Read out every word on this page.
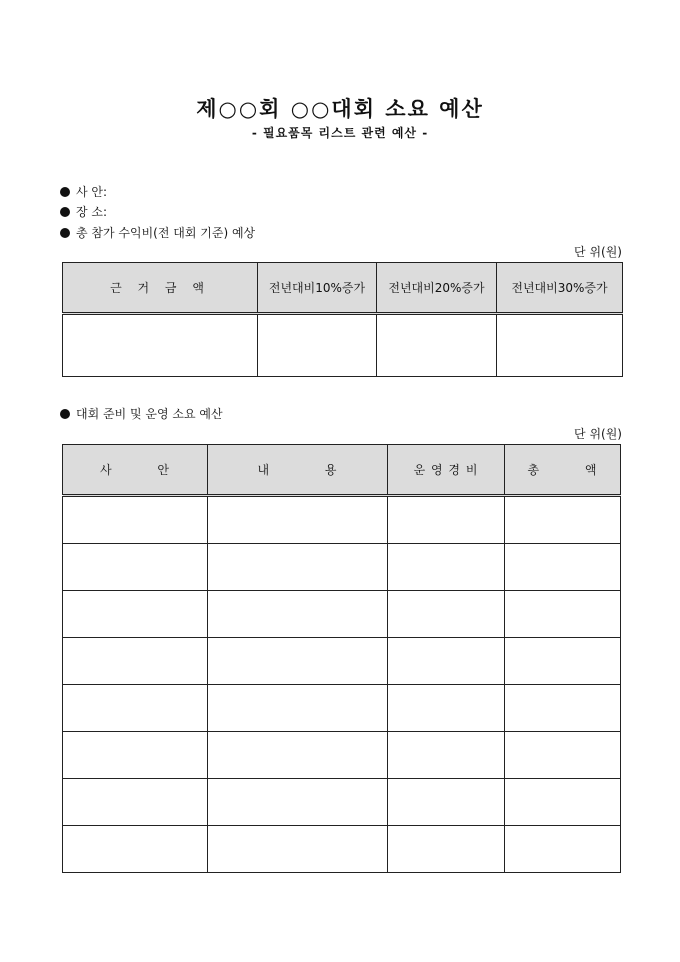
제○○회 ○○대회 소요 예산
- 필요품목 리스트 관련 예산 -
사 안:
장 소:
총 참가 수익비(전 대회 기준) 예상
단 위(원)
근 거 금 액	전년대비10%증가	전년대비20%증가	전년대비30%증가

대회 준비 및 운영 소요 예산
단 위(원)
사 안	내 용	운 영 경 비	총 액
